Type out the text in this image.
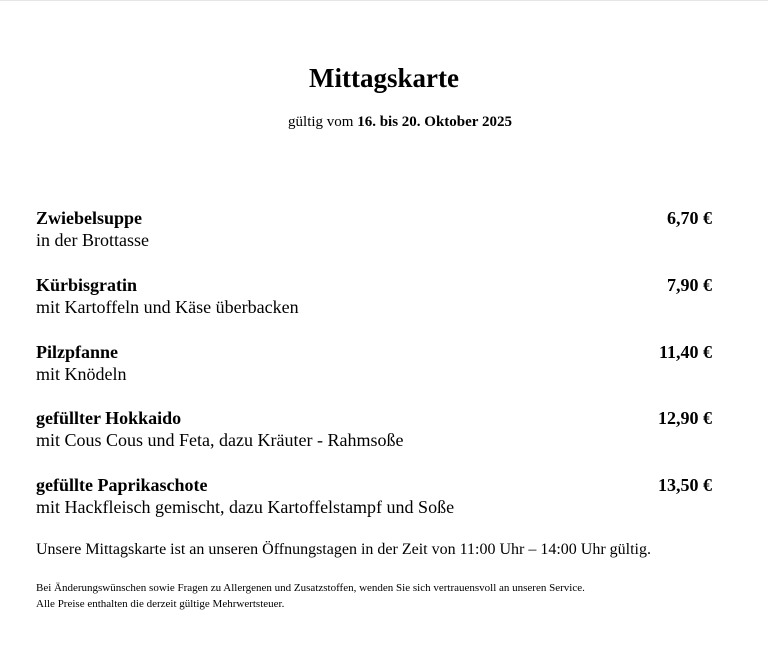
Mittagskarte
gültig vom 16. bis 20. Oktober 2025
Zwiebelsuppe	6,70 €
in der Brottasse
Kürbisgratin	7,90 €
mit Kartoffeln und Käse überbacken
Pilzpfanne	11,40 €
mit Knödeln
gefüllter Hokkaido	12,90 €
mit Cous Cous und Feta, dazu Kräuter - Rahmsoße
gefüllte Paprikaschote	13,50 €
mit Hackfleisch gemischt, dazu Kartoffelstampf und Soße
Unsere Mittagskarte ist an unseren Öffnungstagen in der Zeit von 11:00 Uhr – 14:00 Uhr gültig.
Bei Änderungswünschen sowie Fragen zu Allergenen und Zusatzstoffen, wenden Sie sich vertrauensvoll an unseren Service.
Alle Preise enthalten die derzeit gültige Mehrwertsteuer.
